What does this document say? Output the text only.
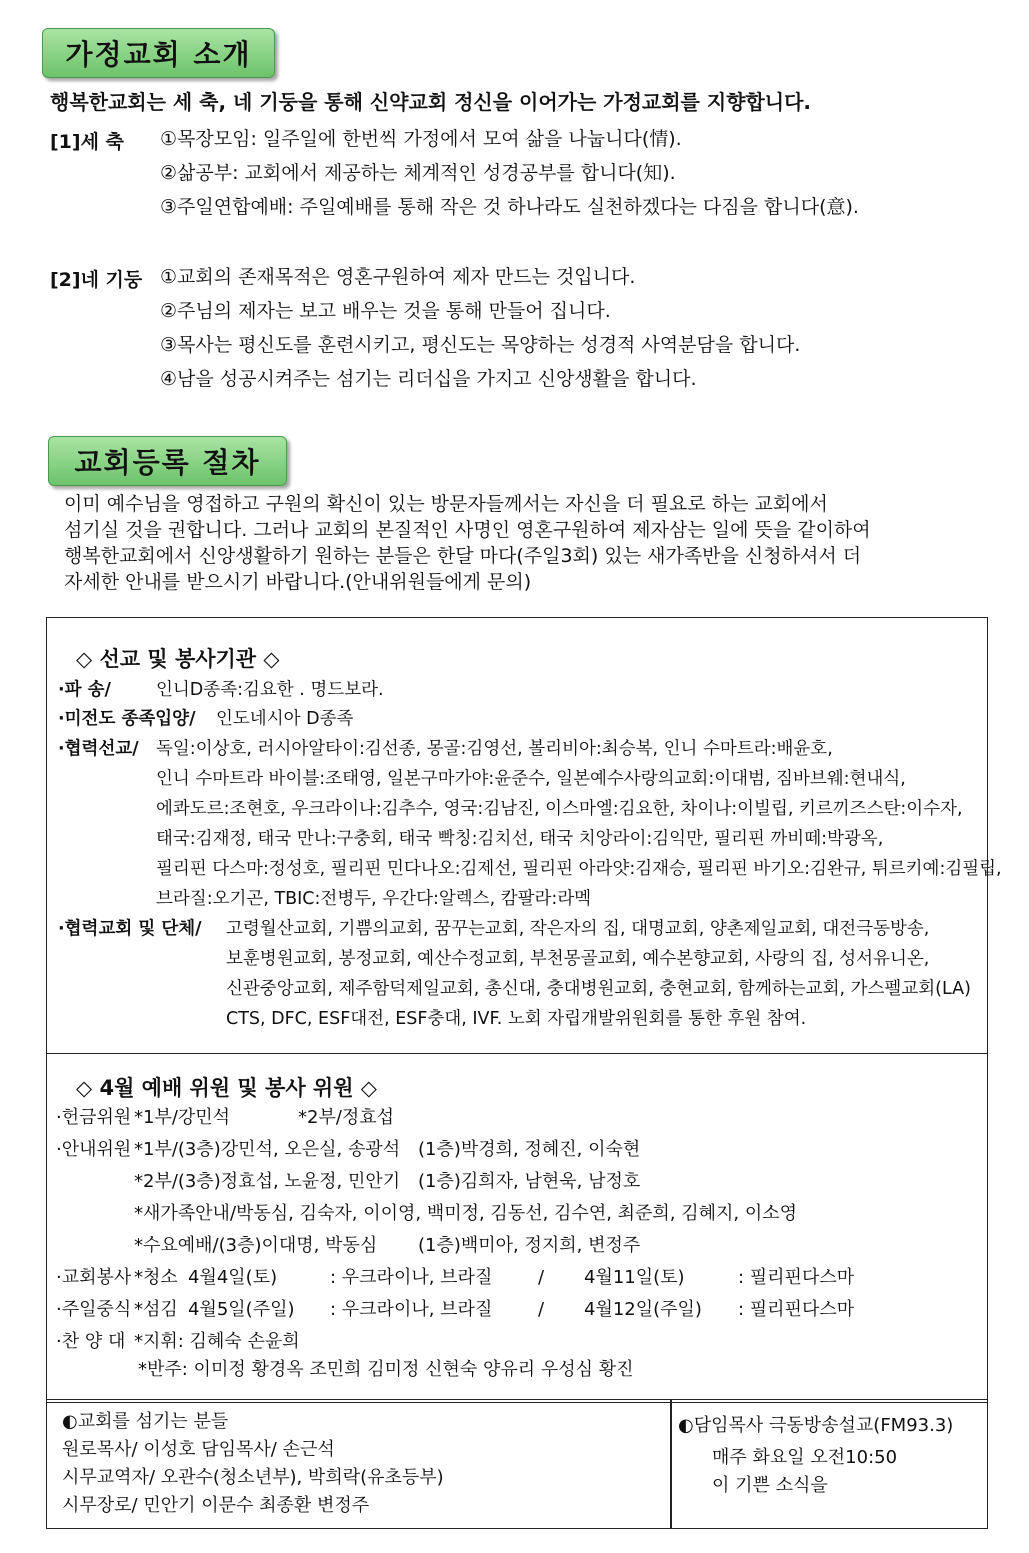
가정교회 소개
행복한교회는 세 축, 네 기둥을 통해 신약교회 정신을 이어가는 가정교회를 지향합니다.
[1]세 축 ①목장모임: 일주일에 한번씩 가정에서 모여 삶을 나눕니다(情).
②삶공부: 교회에서 제공하는 체계적인 성경공부를 합니다(知).
③주일연합예배: 주일예배를 통해 작은 것 하나라도 실천하겠다는 다짐을 합니다(意).
[2]네 기둥 ①교회의 존재목적은 영혼구원하여 제자 만드는 것입니다.
②주님의 제자는 보고 배우는 것을 통해 만들어 집니다.
③목사는 평신도를 훈련시키고, 평신도는 목양하는 성경적 사역분담을 합니다.
④남을 성공시켜주는 섬기는 리더십을 가지고 신앙생활을 합니다.
교회등록 절차
이미 예수님을 영접하고 구원의 확신이 있는 방문자들께서는 자신을 더 필요로 하는 교회에서
섬기실 것을 권합니다. 그러나 교회의 본질적인 사명인 영혼구원하여 제자삼는 일에 뜻을 같이하여
행복한교회에서 신앙생활하기 원하는 분들은 한달 마다(주일3회) 있는 새가족반을 신청하셔서 더
자세한 안내를 받으시기 바랍니다.(안내위원들에게 문의)
◇ 선교 및 봉사기관 ◇
·파 송/	인니D종족:김요한 . 명드보라.
·미전도 종족입양/ 인도네시아 D종족
·협력선교/ 독일:이상호, 러시아알타이:김선종, 몽골:김영선, 볼리비아:최승복, 인니 수마트라:배윤호,
인니 수마트라 바이블:조태영, 일본구마가야:윤준수, 일본예수사랑의교회:이대범, 짐바브웨:현내식,
에콰도르:조현호, 우크라이나:김추수, 영국:김남진, 이스마엘:김요한, 차이나:이빌립, 키르끼즈스탄:이수자,
태국:김재정, 태국 만나:구충회, 태국 빡칭:김치선, 태국 치앙라이:김익만, 필리핀 까비떼:박광옥,
필리핀 다스마:정성호, 필리핀 민다나오:김제선, 필리핀 아라얏:김재승, 필리핀 바기오:김완규, 튀르키예:김필립,
브라질:오기곤, TBIC:전병두, 우간다:알렉스, 캄팔라:라멕
·협력교회 및 단체/ 고령월산교회, 기쁨의교회, 꿈꾸는교회, 작은자의 집, 대명교회, 양촌제일교회, 대전극동방송,
보훈병원교회, 봉정교회, 예산수정교회, 부천몽골교회, 예수본향교회, 사랑의 집, 성서유니온,
신관중앙교회, 제주함덕제일교회, 총신대, 충대병원교회, 충현교회, 함께하는교회, 가스펠교회(LA)
CTS, DFC, ESF대전, ESF충대, IVF. 노회 자립개발위원회를 통한 후원 참여.
◇ 4월 예배 위원 및 봉사 위원 ◇
·헌금위원 *1부/강민석	*2부/정효섭
·안내위원 *1부/(3층)강민석, 오은실, 송광석 (1층)박경희, 정혜진, 이숙현
*2부/(3층)정효섭, 노윤정, 민안기 (1층)김희자, 남현욱, 남정호
*새가족안내/박동심, 김숙자, 이이영, 백미정, 김동선, 김수연, 최준희, 김혜지, 이소영
*수요예배/(3층)이대명, 박동심 (1층)백미아, 정지희, 변정주
·교회봉사 *청소 4월4일(토)	: 우크라이나, 브라질	/ 4월11일(토)	: 필리핀다스마
·주일중식 *섬김 4월5일(주일) : 우크라이나, 브라질	/ 4월12일(주일) : 필리핀다스마
·찬 양 대 *지휘: 김혜숙 손윤희
*반주: 이미정 황경옥 조민희 김미정 신현숙 양유리 우성심 황진
◐교회를 섬기는 분들
원로목사/ 이성호 담임목사/ 손근석
시무교역자/ 오관수(청소년부), 박희락(유초등부)
시무장로/ 민안기 이문수 최종환 변정주
◐담임목사 극동방송설교(FM93.3)
매주 화요일 오전10:50
이 기쁜 소식을
